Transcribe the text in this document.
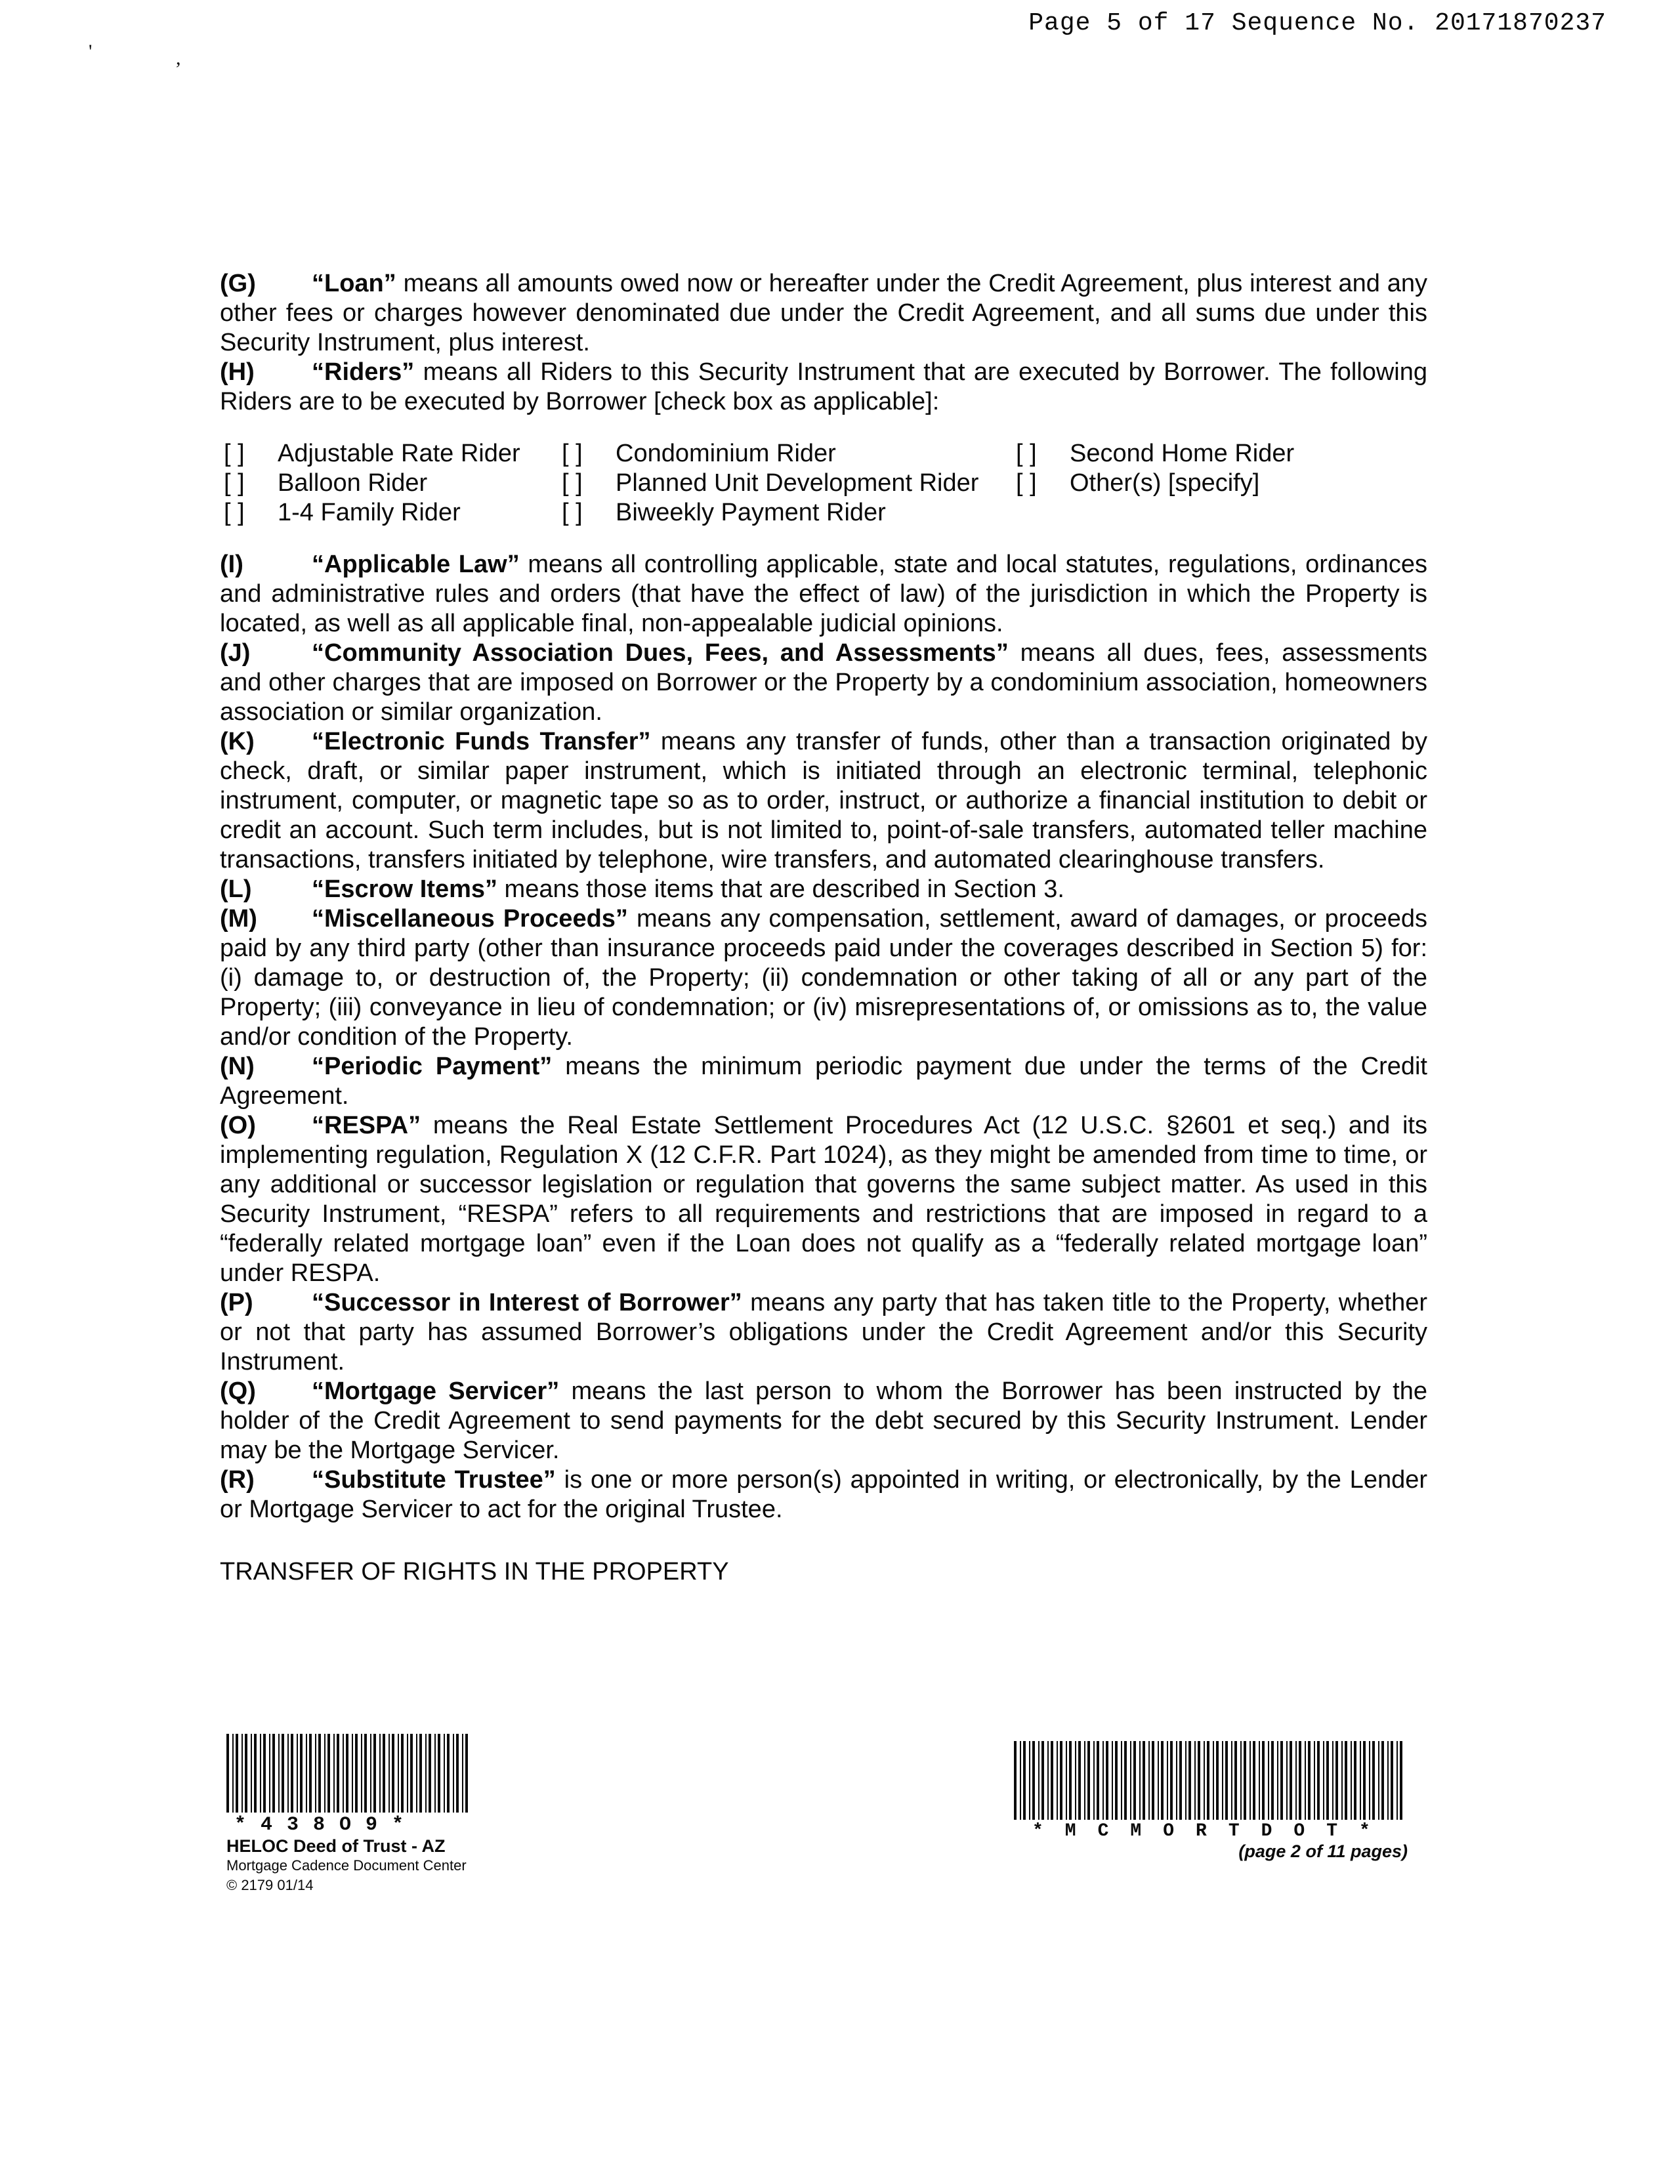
Page 5 of 17 Sequence No. 20171870237
'	,

(G) “Loan” means all amounts owed now or hereafter under the Credit Agreement, plus interest and any other fees or charges however denominated due under the Credit Agreement, and all sums due under this Security Instrument, plus interest.

(H) “Riders” means all Riders to this Security Instrument that are executed by Borrower. The following Riders are to be executed by Borrower [check box as applicable]:

[ ]	Adjustable Rate Rider [ ]	Condominium Rider	[ ]	Second Home Rider
[ ]	Balloon Rider	[ ]	Planned Unit Development Rider [ ]	Other(s) [specify]
[ ]	1-4 Family Rider	[ ]	Biweekly Payment Rider

(I)	“Applicable Law” means all controlling applicable, state and local statutes, regulations, ordinances and administrative rules and orders (that have the effect of law) of the jurisdiction in which the Property is located, as well as all applicable final, non-appealable judicial opinions.

(J) “Community Association Dues, Fees, and Assessments” means all dues, fees, assessments and other charges that are imposed on Borrower or the Property by a condominium association, homeowners association or similar organization.

(K) “Electronic Funds Transfer” means any transfer of funds, other than a transaction originated by check, draft, or similar paper instrument, which is initiated through an electronic terminal, telephonic instrument, computer, or magnetic tape so as to order, instruct, or authorize a financial institution to debit or credit an account. Such term includes, but is not limited to, point-of-sale transfers, automated teller machine transactions, transfers initiated by telephone, wire transfers, and automated clearinghouse transfers.

(L) “Escrow Items” means those items that are described in Section 3.

(M) “Miscellaneous Proceeds” means any compensation, settlement, award of damages, or proceeds paid by any third party (other than insurance proceeds paid under the coverages described in Section 5) for: (i) damage to, or destruction of, the Property; (ii) condemnation or other taking of all or any part of the Property; (iii) conveyance in lieu of condemnation; or (iv) misrepresentations of, or omissions as to, the value and/or condition of the Property.

(N) “Periodic Payment” means the minimum periodic payment due under the terms of the Credit Agreement.

(O) “RESPA” means the Real Estate Settlement Procedures Act (12 U.S.C. §2601 et seq.) and its implementing regulation, Regulation X (12 C.F.R. Part 1024), as they might be amended from time to time, or any additional or successor legislation or regulation that governs the same subject matter. As used in this Security Instrument, “RESPA” refers to all requirements and restrictions that are imposed in regard to a “federally related mortgage loan” even if the Loan does not qualify as a “federally related mortgage loan” under RESPA.

(P) “Successor in Interest of Borrower” means any party that has taken title to the Property, whether or not that party has assumed Borrower’s obligations under the Credit Agreement and/or this Security Instrument.

(Q) “Mortgage Servicer” means the last person to whom the Borrower has been instructed by the holder of the Credit Agreement to send payments for the debt secured by this Security Instrument. Lender may be the Mortgage Servicer.

(R) “Substitute Trustee” is one or more person(s) appointed in writing, or electronically, by the Lender or Mortgage Servicer to act for the original Trustee.

TRANSFER OF RIGHTS IN THE PROPERTY
*438O9*
HELOC Deed of Trust - AZ
Mortgage Cadence Document Center © 2179 01/14
*MCMORTDOT*
(page 2 of 11 pages)
